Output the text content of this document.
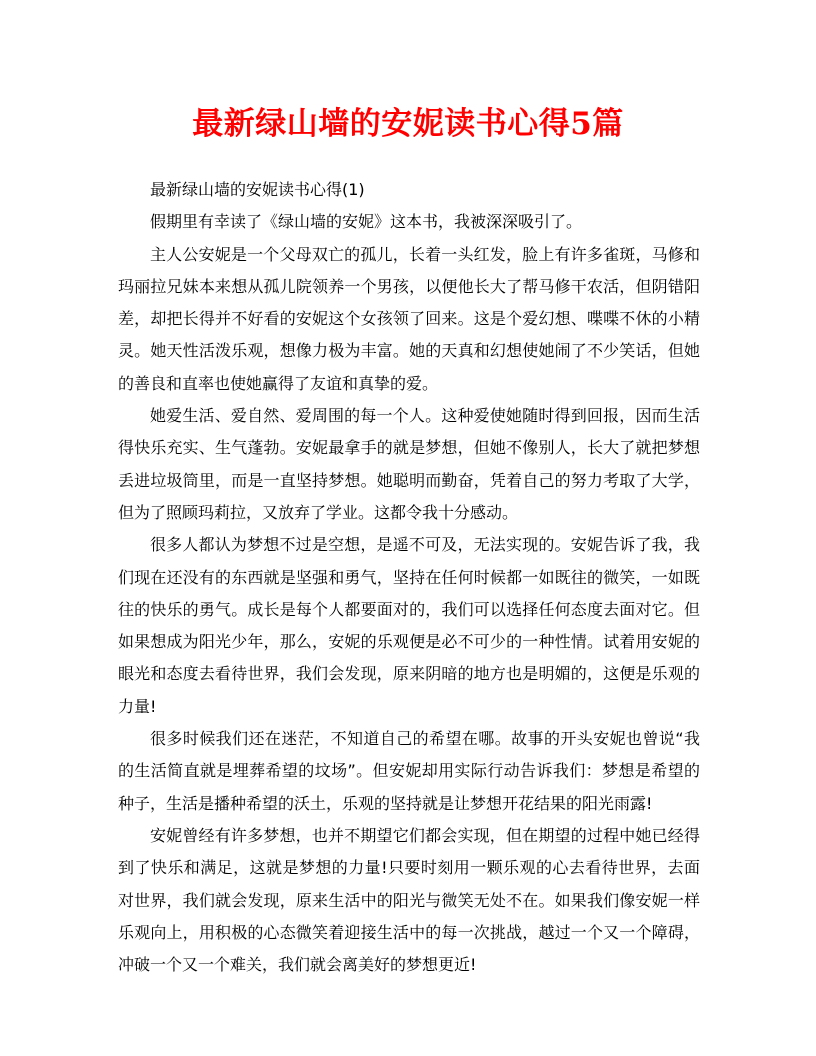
最新绿山墙的安妮读书心得5篇

最新绿山墙的安妮读书心得(1)

假期里有幸读了《绿山墙的安妮》这本书，我被深深吸引了。

主人公安妮是一个父母双亡的孤儿，长着一头红发，脸上有许多雀斑，马修和玛丽拉兄妹本来想从孤儿院领养一个男孩，以便他长大了帮马修干农活，但阴错阳差，却把长得并不好看的安妮这个女孩领了回来。这是个爱幻想、喋喋不休的小精灵。她天性活泼乐观，想像力极为丰富。她的天真和幻想使她闹了不少笑话，但她的善良和直率也使她赢得了友谊和真挚的爱。

她爱生活、爱自然、爱周围的每一个人。这种爱使她随时得到回报，因而生活得快乐充实、生气蓬勃。安妮最拿手的就是梦想，但她不像别人，长大了就把梦想丢进垃圾筒里，而是一直坚持梦想。她聪明而勤奋，凭着自己的努力考取了大学，但为了照顾玛莉拉，又放弃了学业。这都令我十分感动。

很多人都认为梦想不过是空想，是遥不可及，无法实现的。安妮告诉了我，我们现在还没有的东西就是坚强和勇气，坚持在任何时候都一如既往的微笑，一如既往的快乐的勇气。成长是每个人都要面对的，我们可以选择任何态度去面对它。但如果想成为阳光少年，那么，安妮的乐观便是必不可少的一种性情。试着用安妮的眼光和态度去看待世界，我们会发现，原来阴暗的地方也是明媚的，这便是乐观的力量!

很多时候我们还在迷茫，不知道自己的希望在哪。故事的开头安妮也曾说“我的生活简直就是埋葬希望的坟场”。但安妮却用实际行动告诉我们：梦想是希望的种子，生活是播种希望的沃土，乐观的坚持就是让梦想开花结果的阳光雨露!

安妮曾经有许多梦想，也并不期望它们都会实现，但在期望的过程中她已经得到了快乐和满足，这就是梦想的力量!只要时刻用一颗乐观的心去看待世界，去面对世界，我们就会发现，原来生活中的阳光与微笑无处不在。如果我们像安妮一样乐观向上，用积极的心态微笑着迎接生活中的每一次挑战，越过一个又一个障碍，冲破一个又一个难关，我们就会离美好的梦想更近!
